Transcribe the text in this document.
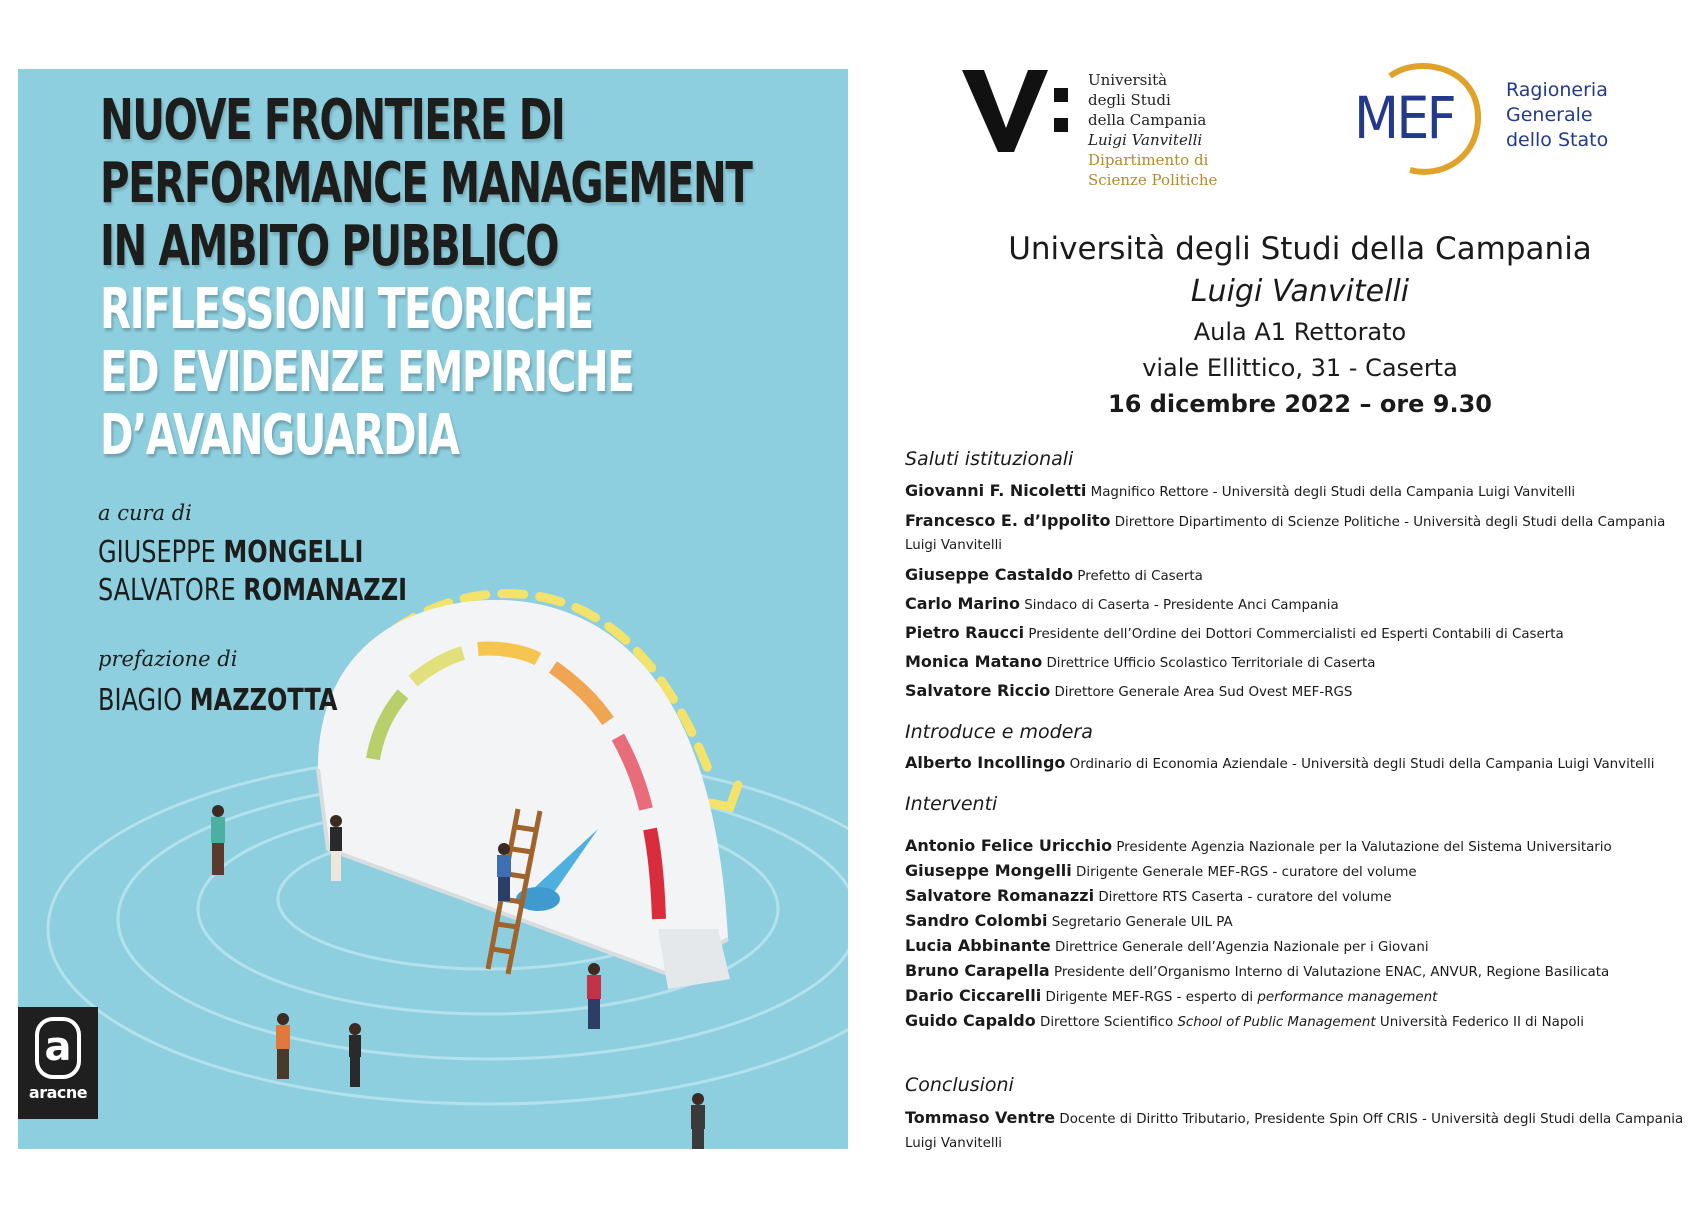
NUOVE FRONTIERE DI
PERFORMANCE MANAGEMENT
IN AMBITO PUBBLICO
RIFLESSIONI TEORICHE
ED EVIDENZE EMPIRICHE
D’AVANGUARDIA
a cura di
GIUSEPPE MONGELLI
SALVATORE ROMANAZZI
prefazione di
BIAGIO MAZZOTTA
a
aracne
Università
degli Studi
della Campania
Luigi Vanvitelli
Dipartimento di
Scienze Politiche
MEF	Ragioneria
Generale
dello Stato
Università degli Studi della Campania
Luigi Vanvitelli
Aula A1 Rettorato
viale Ellittico, 31 - Caserta
16 dicembre 2022 – ore 9.30
Saluti istituzionali
Giovanni F. Nicoletti Magnifico Rettore - Università degli Studi della Campania Luigi Vanvitelli
Francesco E. d’Ippolito Direttore Dipartimento di Scienze Politiche - Università degli Studi della Campania
Luigi Vanvitelli
Giuseppe Castaldo Prefetto di Caserta
Carlo Marino Sindaco di Caserta - Presidente Anci Campania
Pietro Raucci Presidente dell’Ordine dei Dottori Commercialisti ed Esperti Contabili di Caserta
Monica Matano Direttrice Ufficio Scolastico Territoriale di Caserta
Salvatore Riccio Direttore Generale Area Sud Ovest MEF-RGS
Introduce e modera
Alberto Incollingo Ordinario di Economia Aziendale - Università degli Studi della Campania Luigi Vanvitelli
Interventi
Antonio Felice Uricchio Presidente Agenzia Nazionale per la Valutazione del Sistema Universitario
Giuseppe Mongelli Dirigente Generale MEF-RGS - curatore del volume
Salvatore Romanazzi Direttore RTS Caserta - curatore del volume
Sandro Colombi Segretario Generale UIL PA
Lucia Abbinante Direttrice Generale dell’Agenzia Nazionale per i Giovani
Bruno Carapella Presidente dell’Organismo Interno di Valutazione ENAC, ANVUR, Regione Basilicata
Dario Ciccarelli Dirigente MEF-RGS - esperto di performance management
Guido Capaldo Direttore Scientifico School of Public Management Università Federico II di Napoli
Conclusioni
Tommaso Ventre Docente di Diritto Tributario, Presidente Spin Off CRIS - Università degli Studi della Campania
Luigi Vanvitelli
